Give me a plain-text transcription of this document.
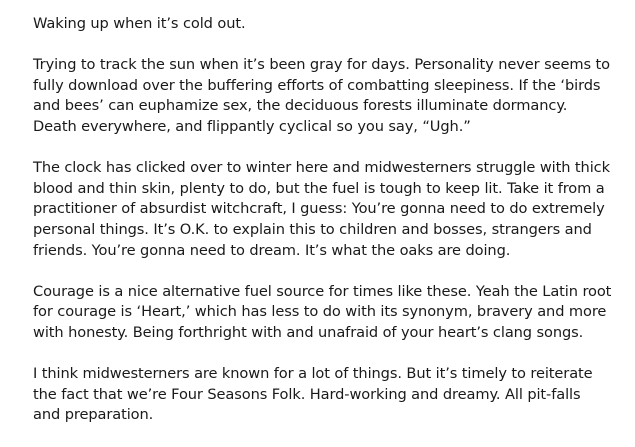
Waking up when it’s cold out.
Trying to track the sun when it’s been gray for days. Personality never seems to
fully download over the buffering efforts of combatting sleepiness. If the ‘birds
and bees’ can euphamize sex, the deciduous forests illuminate dormancy.
Death everywhere, and flippantly cyclical so you say, “Ugh.”
The clock has clicked over to winter here and midwesterners struggle with thick
blood and thin skin, plenty to do, but the fuel is tough to keep lit. Take it from a
practitioner of absurdist witchcraft, I guess: You’re gonna need to do extremely
personal things. It’s O.K. to explain this to children and bosses, strangers and
friends. You’re gonna need to dream. It’s what the oaks are doing.
Courage is a nice alternative fuel source for times like these. Yeah the Latin root
for courage is ‘Heart,’ which has less to do with its synonym, bravery and more
with honesty. Being forthright with and unafraid of your heart’s clang songs.
I think midwesterners are known for a lot of things. But it’s timely to reiterate
the fact that we’re Four Seasons Folk. Hard-working and dreamy. All pit-falls
and preparation.
